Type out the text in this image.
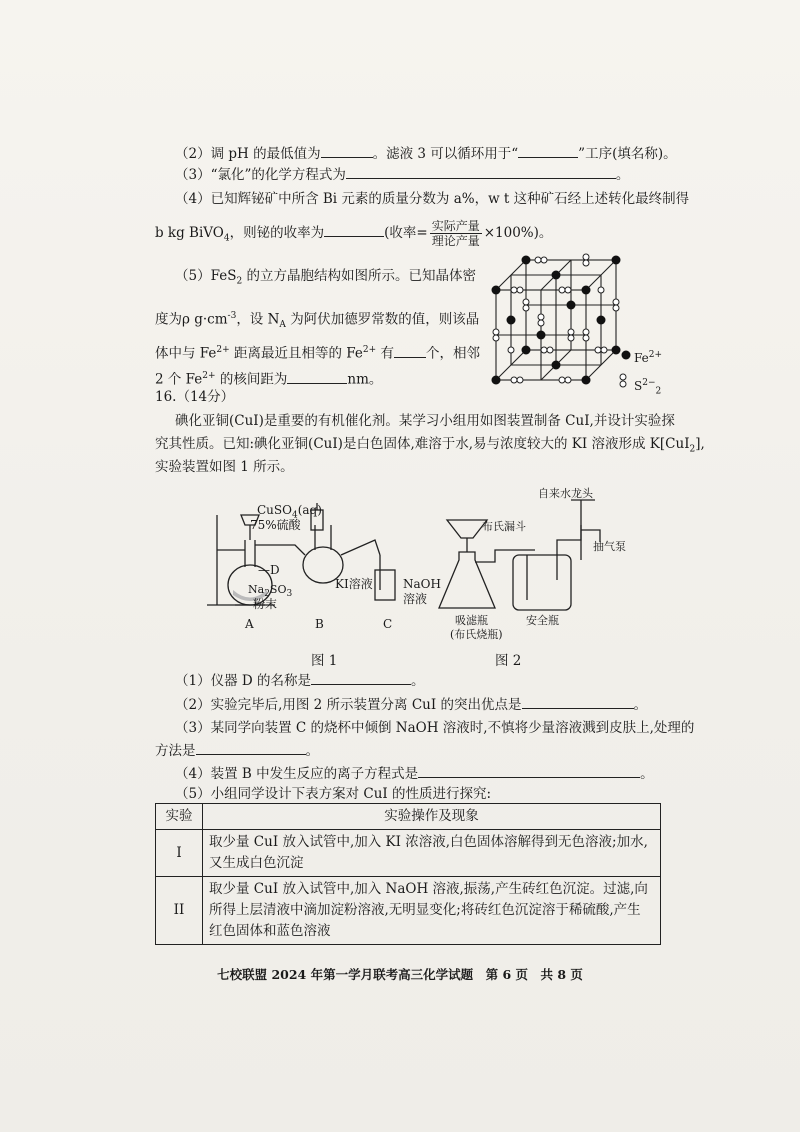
（2）调 pH 的最低值为	。滤液 3 可以循环用于“	”工序(填名称)。
（3）“氯化”的化学方程式为	。
（4）已知辉铋矿中所含 Bi 元素的质量分数为 a%，w t 这种矿石经上述转化最终制得
b kg BiVO$_4$，则铋的收率为	(收率= $\frac{\text{实际产量}}{\text{理论产量}} \times 100\%$)。
（5）FeS$_2$ 的立方晶胞结构如图所示。已知晶体密
度为ρ $g\cdot cm^{-3}$，设 $N_A$ 为阿伏加德罗常数的值，则该晶
体中与 $Fe^{2+}$ 距离最近且相等的 $Fe^{2+}$ 有 个，相邻
2 个 $Fe^{2+}$ 的核间距为	nm。
$Fe^{2+}$
$S^{2-}_2$
16.（14分）
碘化亚铜(CuI)是重要的有机催化剂。某学习小组用如图装置制备 CuI,并设计实验探
究其性质。已知:碘化亚铜(CuI)是白色固体,难溶于水,易与浓度较大的 KI 溶液形成 K[CuI$_2$],
实验装置如图 1 所示。
CuSO$_4$(aq)
75%硫酸
—D
$Na_2SO_3$
粉末
KI溶液	NaOH
溶液
A	B	C
图 1
自来水龙头
布氏漏斗
抽气泵
吸滤瓶
(布氏烧瓶)
安全瓶
图 2
（1）仪器 D 的名称是	。
（2）实验完毕后,用图 2 所示装置分离 CuI 的突出优点是	。
（3）某同学向装置 C 的烧杯中倾倒 NaOH 溶液时,不慎将少量溶液溅到皮肤上,处理的
方法是	。
（4）装置 B 中发生反应的离子方程式是	。
（5）小组同学设计下表方案对 CuI 的性质进行探究:
实验	实验操作及现象
I	取少量 CuI 放入试管中,加入 KI 浓溶液,白色固体溶解得到无色溶液;加水,又生成白色沉淀
II	取少量 CuI 放入试管中,加入 NaOH 溶液,振荡,产生砖红色沉淀。过滤,向所得上层清液中滴加淀粉溶液,无明显变化;将砖红色沉淀溶于稀硫酸,产生红色固体和蓝色溶液
七校联盟 2024 年第一学月联考高三化学试题　第 6 页　共 8 页
